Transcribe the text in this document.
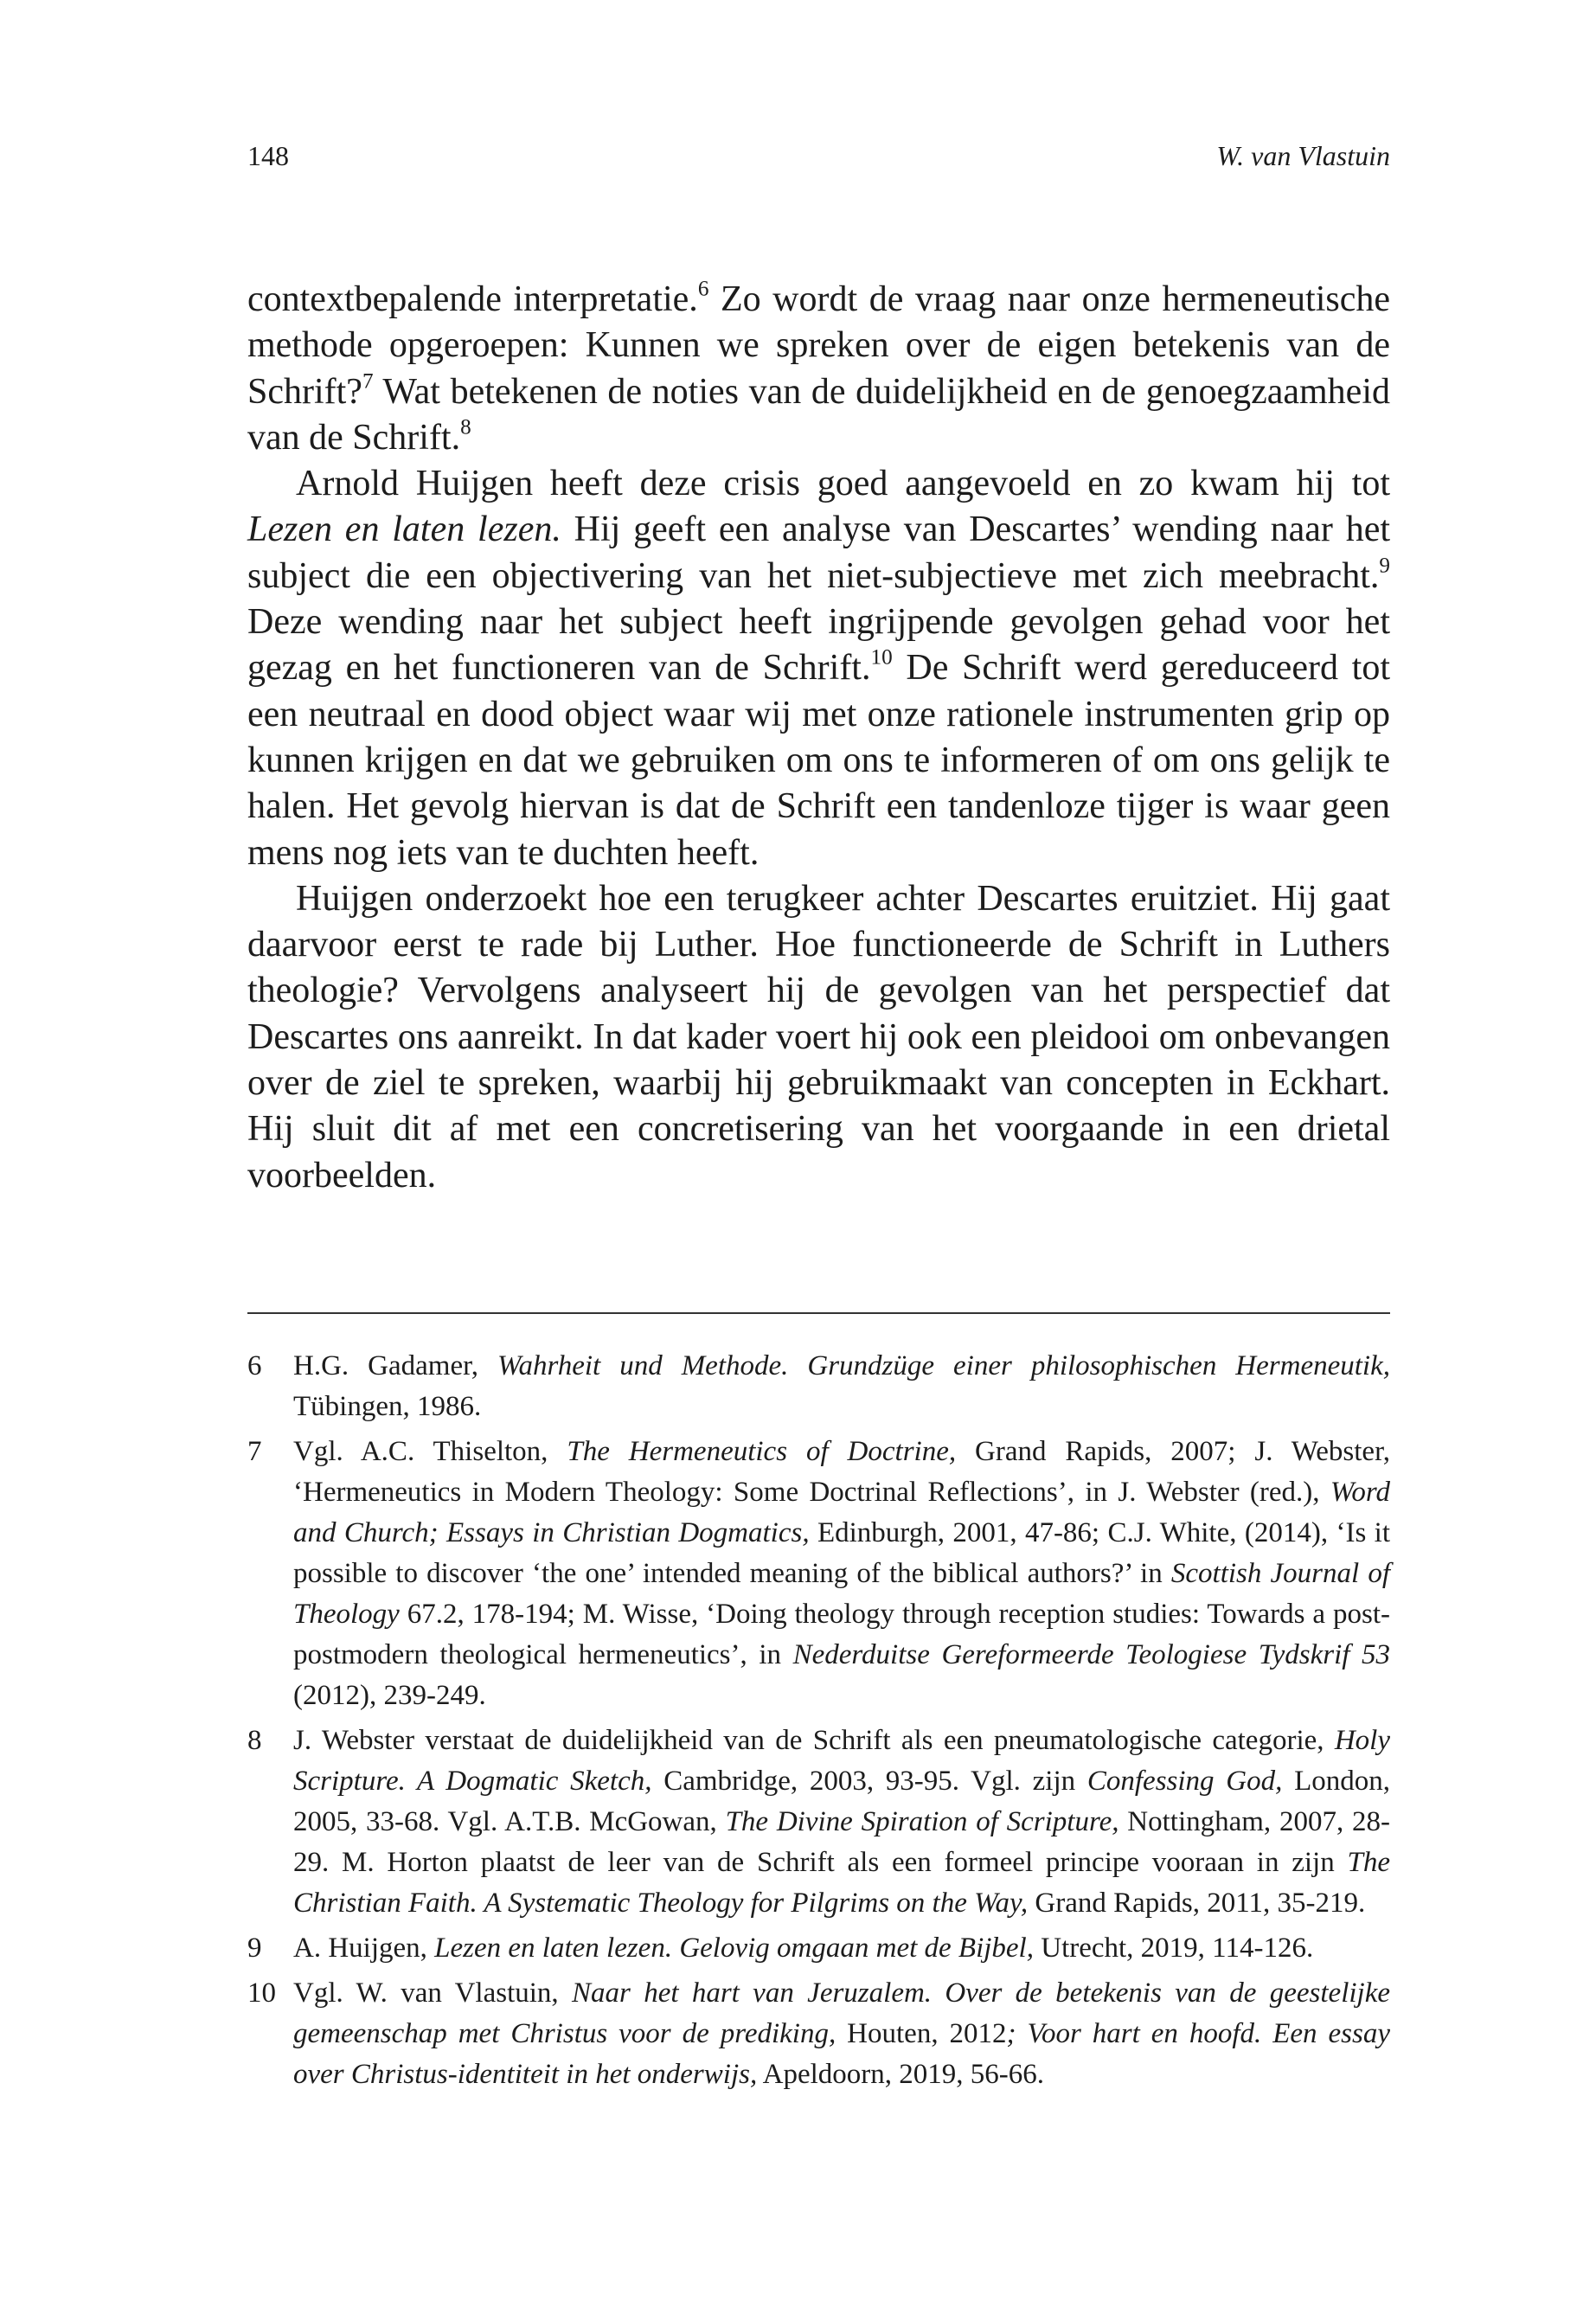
148	W. van Vlastuin

contextbepalende interpretatie.$^6$ Zo wordt de vraag naar onze hermeneutische methode opgeroepen: Kunnen we spreken over de eigen betekenis van de Schrift?$^7$ Wat betekenen de noties van de duidelijkheid en de genoegzaamheid van de Schrift.$^8$

Arnold Huijgen heeft deze crisis goed aangevoeld en zo kwam hij tot Lezen en laten lezen. Hij geeft een analyse van Descartes’ wending naar het subject die een objectivering van het niet-subjectieve met zich meebracht.$^9$ Deze wending naar het subject heeft ingrijpende gevolgen gehad voor het gezag en het functioneren van de Schrift.$^{10}$ De Schrift werd gereduceerd tot een neutraal en dood object waar wij met onze rationele instrumenten grip op kunnen krijgen en dat we gebruiken om ons te informeren of om ons gelijk te halen. Het gevolg hiervan is dat de Schrift een tandenloze tijger is waar geen mens nog iets van te duchten heeft.

Huijgen onderzoekt hoe een terugkeer achter Descartes eruitziet. Hij gaat daarvoor eerst te rade bij Luther. Hoe functioneerde de Schrift in Luthers theologie? Vervolgens analyseert hij de gevolgen van het perspectief dat Descartes ons aanreikt. In dat kader voert hij ook een pleidooi om onbevangen over de ziel te spreken, waarbij hij gebruikmaakt van concepten in Eckhart. Hij sluit dit af met een concretisering van het voorgaande in een drietal voorbeelden.

6	H.G. Gadamer, Wahrheit und Methode. Grundzüge einer philosophischen Hermeneutik, Tübingen, 1986.
7	Vgl. A.C. Thiselton, The Hermeneutics of Doctrine, Grand Rapids, 2007; J. Webster, ‘Hermeneutics in Modern Theology: Some Doctrinal Reflections’, in J. Webster (red.), Word and Church; Essays in Christian Dogmatics, Edinburgh, 2001, 47-86; C.J. White, (2014), ‘Is it possible to discover ‘the one’ intended meaning of the biblical authors?’ in Scottish Journal of Theology 67.2, 178-194; M. Wisse, ‘Doing theology through reception studies: Towards a post-postmodern theological hermeneutics’, in Nederduitse Gereformeerde Teologiese Tydskrif 53 (2012), 239-249.
8	J. Webster verstaat de duidelijkheid van de Schrift als een pneumatologische categorie, Holy Scripture. A Dogmatic Sketch, Cambridge, 2003, 93-95. Vgl. zijn Confessing God, London, 2005, 33-68. Vgl. A.T.B. McGowan, The Divine Spiration of Scripture, Nottingham, 2007, 28-29. M. Horton plaatst de leer van de Schrift als een formeel principe vooraan in zijn The Christian Faith. A Systematic Theology for Pilgrims on the Way, Grand Rapids, 2011, 35-219.
9	A. Huijgen, Lezen en laten lezen. Gelovig omgaan met de Bijbel, Utrecht, 2019, 114-126.
10 Vgl. W. van Vlastuin, Naar het hart van Jeruzalem. Over de betekenis van de geestelijke gemeenschap met Christus voor de prediking, Houten, 2012; Voor hart en hoofd. Een essay over Christus-identiteit in het onderwijs, Apeldoorn, 2019, 56-66.
